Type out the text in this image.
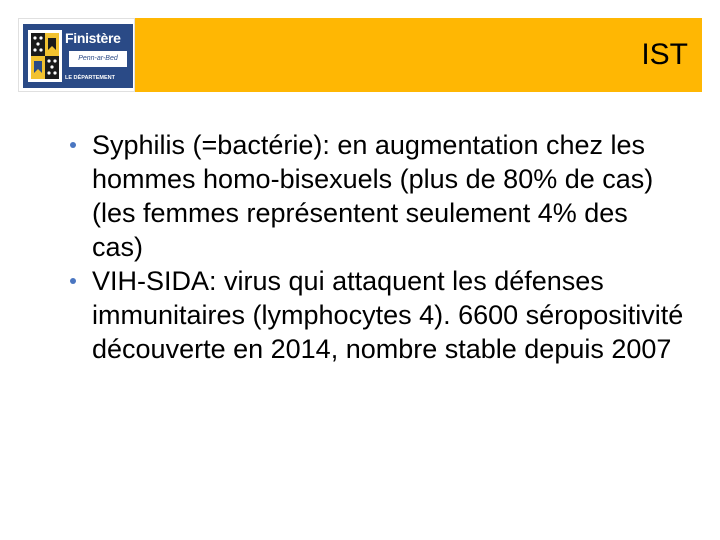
Finistère
Penn-ar-Bed
LE DÉPARTEMENT
IST

Syphilis (=bactérie): en augmentation chez les hommes homo-bisexuels (plus de 80% de cas)(les femmes représentent seulement 4% des cas)

VIH-SIDA: virus qui attaquent les défenses immunitaires (lymphocytes 4). 6600 séropositivité découverte en 2014, nombre stable depuis 2007
